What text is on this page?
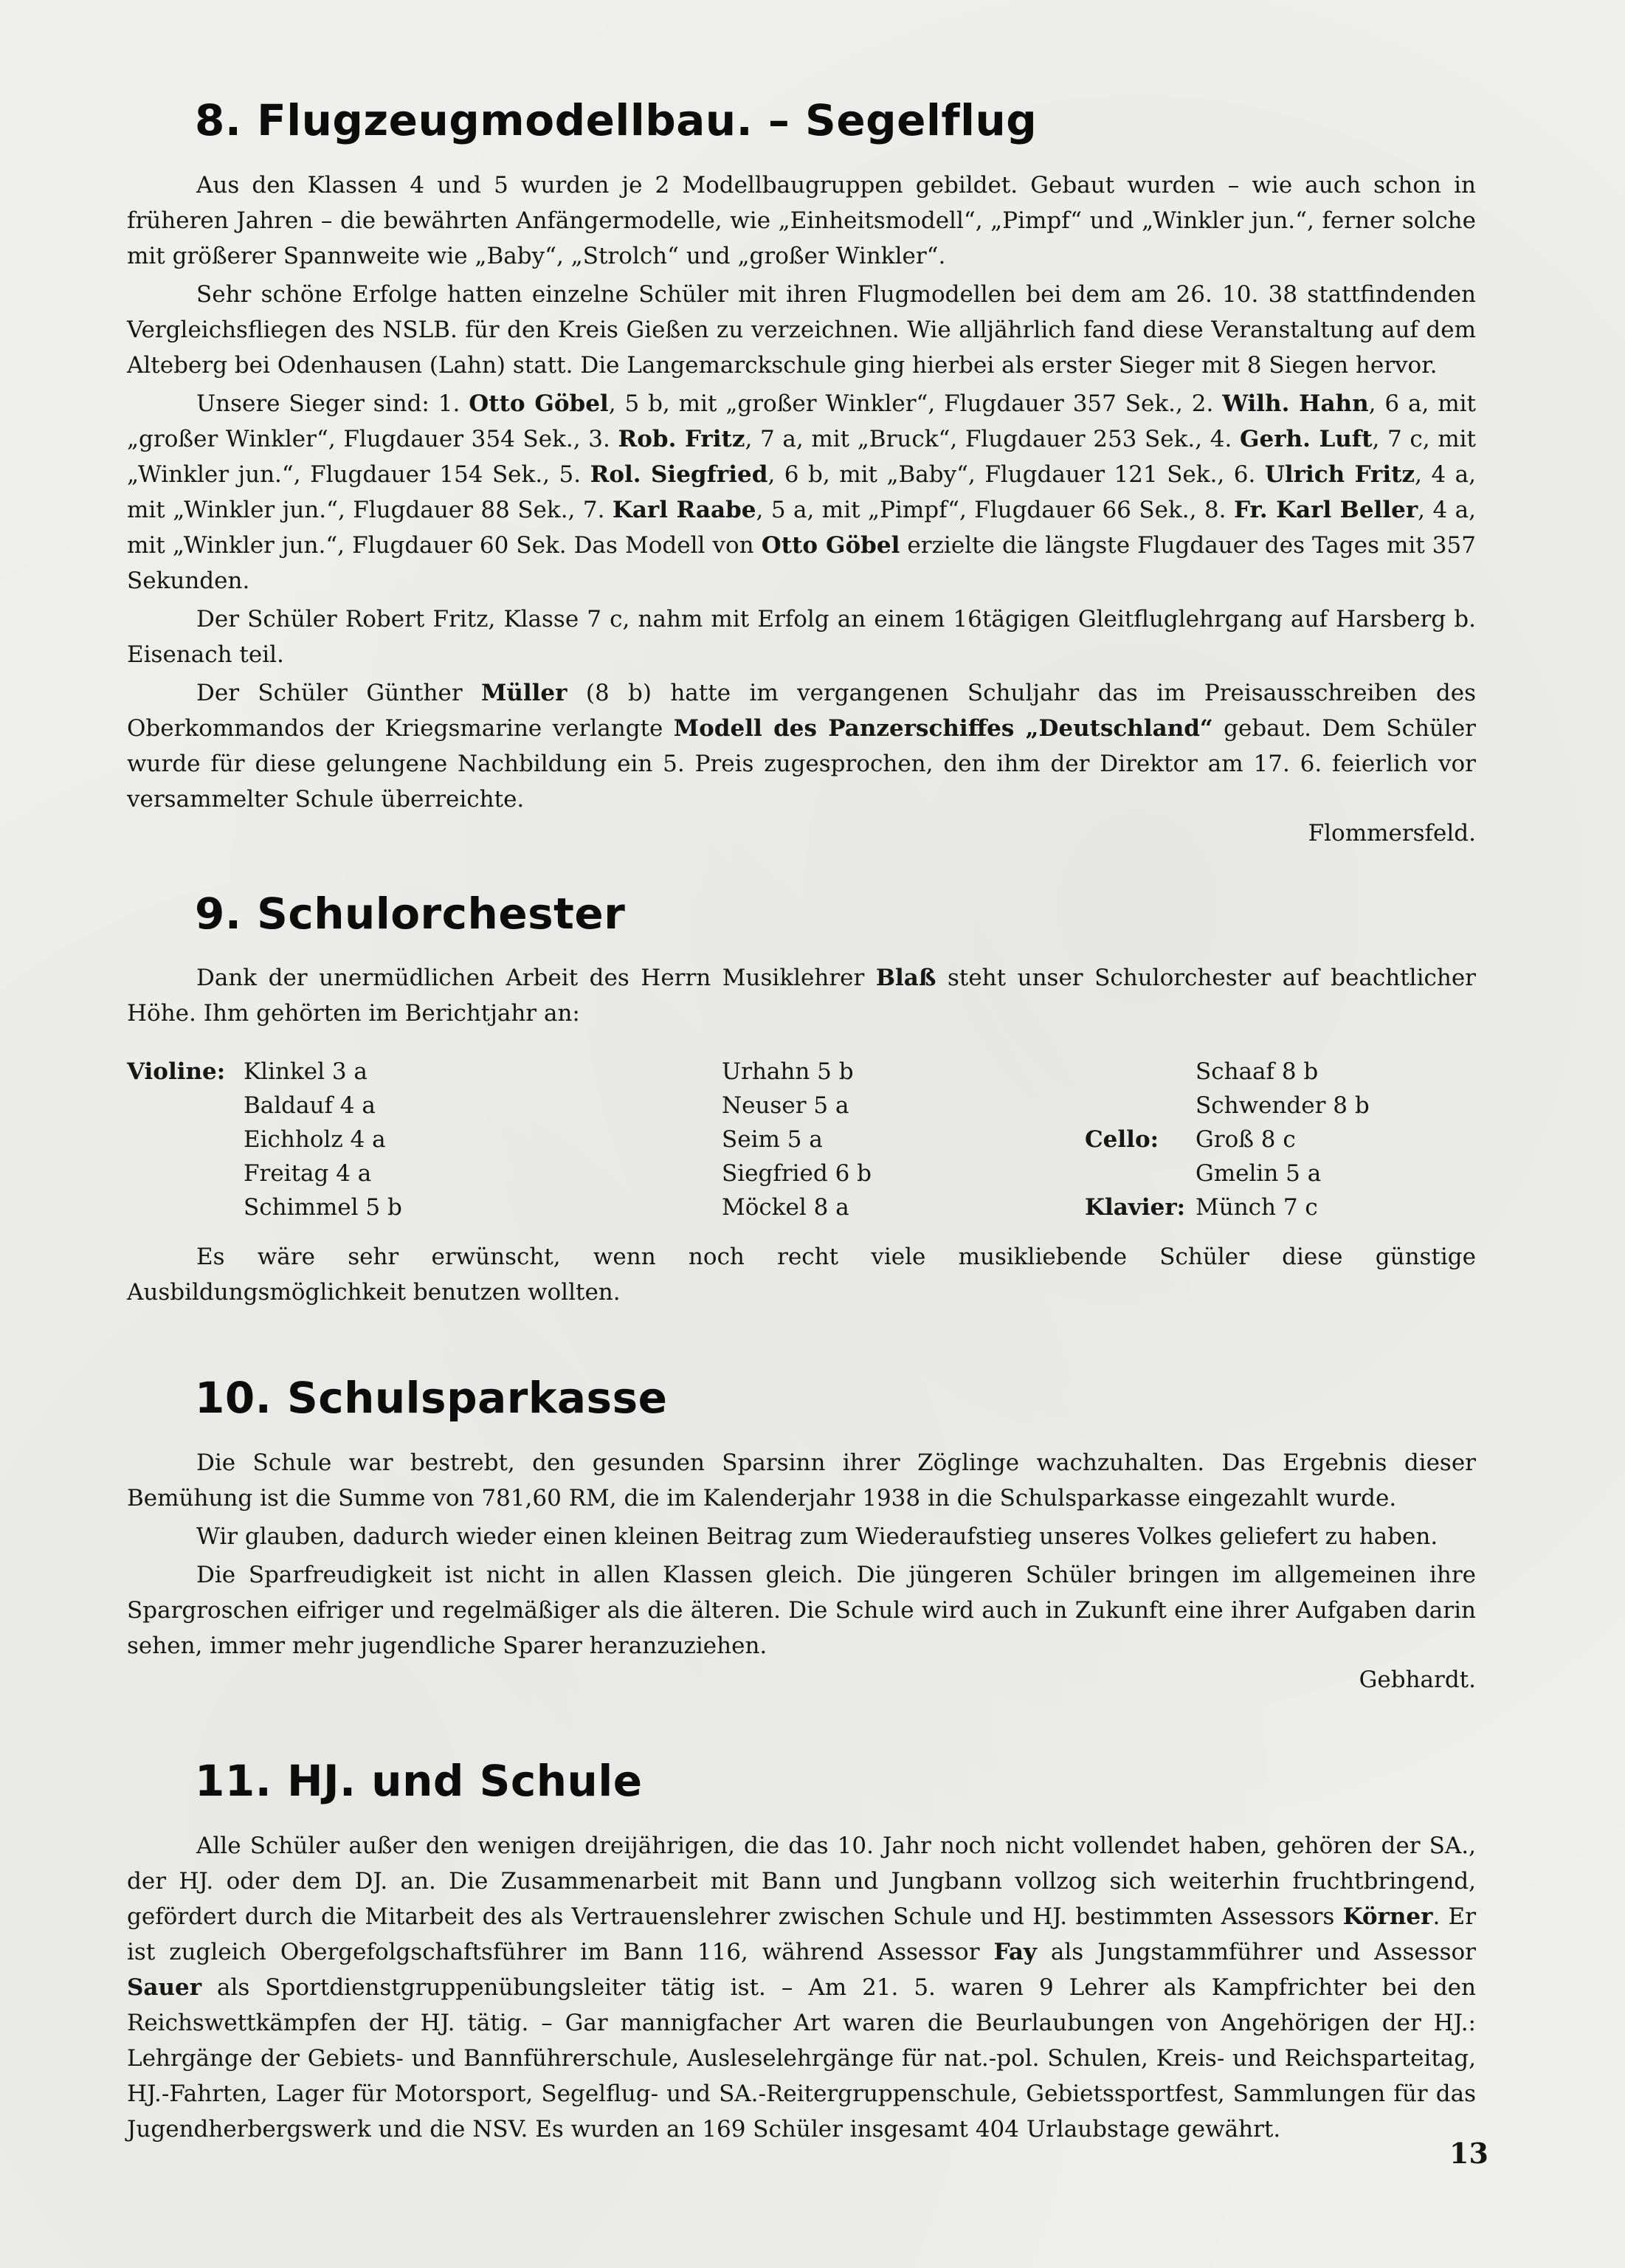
8. Flugzeugmodellbau. – Segelflug

Aus den Klassen 4 und 5 wurden je 2 Modellbaugruppen gebildet. Gebaut wurden – wie auch schon in früheren Jahren – die bewährten Anfängermodelle, wie „Einheitsmodell“, „Pimpf“ und „Winkler jun.“, ferner solche mit größerer Spannweite wie „Baby“, „Strolch“ und „großer Winkler“.

Sehr schöne Erfolge hatten einzelne Schüler mit ihren Flugmodellen bei dem am 26. 10. 38 stattfindenden Vergleichsfliegen des NSLB. für den Kreis Gießen zu verzeichnen. Wie alljährlich fand diese Veranstaltung auf dem Alteberg bei Odenhausen (Lahn) statt. Die Langemarckschule ging hierbei als erster Sieger mit 8 Siegen hervor.

Unsere Sieger sind: 1. Otto Göbel, 5 b, mit „großer Winkler“, Flugdauer 357 Sek., 2. Wilh. Hahn, 6 a, mit „großer Winkler“, Flugdauer 354 Sek., 3. Rob. Fritz, 7 a, mit „Bruck“, Flugdauer 253 Sek., 4. Gerh. Luft, 7 c, mit „Winkler jun.“, Flugdauer 154 Sek., 5. Rol. Siegfried, 6 b, mit „Baby“, Flugdauer 121 Sek., 6. Ulrich Fritz, 4 a, mit „Winkler jun.“, Flugdauer 88 Sek., 7. Karl Raabe, 5 a, mit „Pimpf“, Flugdauer 66 Sek., 8. Fr. Karl Beller, 4 a, mit „Winkler jun.“, Flugdauer 60 Sek. Das Modell von Otto Göbel erzielte die längste Flugdauer des Tages mit 357 Sekunden.

Der Schüler Robert Fritz, Klasse 7 c, nahm mit Erfolg an einem 16tägigen Gleitfluglehrgang auf Harsberg b. Eisenach teil.

Der Schüler Günther Müller (8 b) hatte im vergangenen Schuljahr das im Preisausschreiben des Oberkommandos der Kriegsmarine verlangte Modell des Panzerschiffes „Deutschland“ gebaut. Dem Schüler wurde für diese gelungene Nachbildung ein 5. Preis zugesprochen, den ihm der Direktor am 17. 6. feierlich vor versammelter Schule überreichte.

Flommersfeld.
9. Schulorchester

Dank der unermüdlichen Arbeit des Herrn Musiklehrer Blaß steht unser Schulorchester auf beachtlicher Höhe. Ihm gehörten im Berichtjahr an:

Violine: Klinkel 3 a
Baldauf 4 a
Eichholz 4 a
Freitag 4 a
Schimmel 5 b
Urhahn 5 b
Neuser 5 a
Seim 5 a
Siegfried 6 b
Möckel 8 a
Schaaf 8 b
Schwender 8 b
Groß 8 c
Gmelin 5 a
Münch 7 c
Cello:
Klavier:

Es wäre sehr erwünscht, wenn noch recht viele musikliebende Schüler diese günstige Ausbildungsmöglichkeit benutzen wollten.

10. Schulsparkasse

Die Schule war bestrebt, den gesunden Sparsinn ihrer Zöglinge wachzuhalten. Das Ergebnis dieser Bemühung ist die Summe von 781,60 RM, die im Kalenderjahr 1938 in die Schulsparkasse eingezahlt wurde.

Wir glauben, dadurch wieder einen kleinen Beitrag zum Wiederaufstieg unseres Volkes geliefert zu haben.

Die Sparfreudigkeit ist nicht in allen Klassen gleich. Die jüngeren Schüler bringen im allgemeinen ihre Spargroschen eifriger und regelmäßiger als die älteren. Die Schule wird auch in Zukunft eine ihrer Aufgaben darin sehen, immer mehr jugendliche Sparer heranzuziehen.

Gebhardt.
11. HJ. und Schule

Alle Schüler außer den wenigen dreijährigen, die das 10. Jahr noch nicht vollendet haben, gehören der SA., der HJ. oder dem DJ. an. Die Zusammenarbeit mit Bann und Jungbann vollzog sich weiterhin fruchtbringend, gefördert durch die Mitarbeit des als Vertrauenslehrer zwischen Schule und HJ. bestimmten Assessors Körner. Er ist zugleich Obergefolgschaftsführer im Bann 116, während Assessor Fay als Jungstammführer und Assessor Sauer als Sportdienstgruppenübungsleiter tätig ist. – Am 21. 5. waren 9 Lehrer als Kampfrichter bei den Reichswettkämpfen der HJ. tätig. – Gar mannigfacher Art waren die Beurlaubungen von Angehörigen der HJ.: Lehrgänge der Gebiets- und Bannführerschule, Ausleselehrgänge für nat.-pol. Schulen, Kreis- und Reichsparteitag, HJ.-Fahrten, Lager für Motorsport, Segelflug- und SA.-Reitergruppenschule, Gebietssportfest, Sammlungen für das Jugendherbergswerk und die NSV. Es wurden an 169 Schüler insgesamt 404 Urlaubstage gewährt.

13
